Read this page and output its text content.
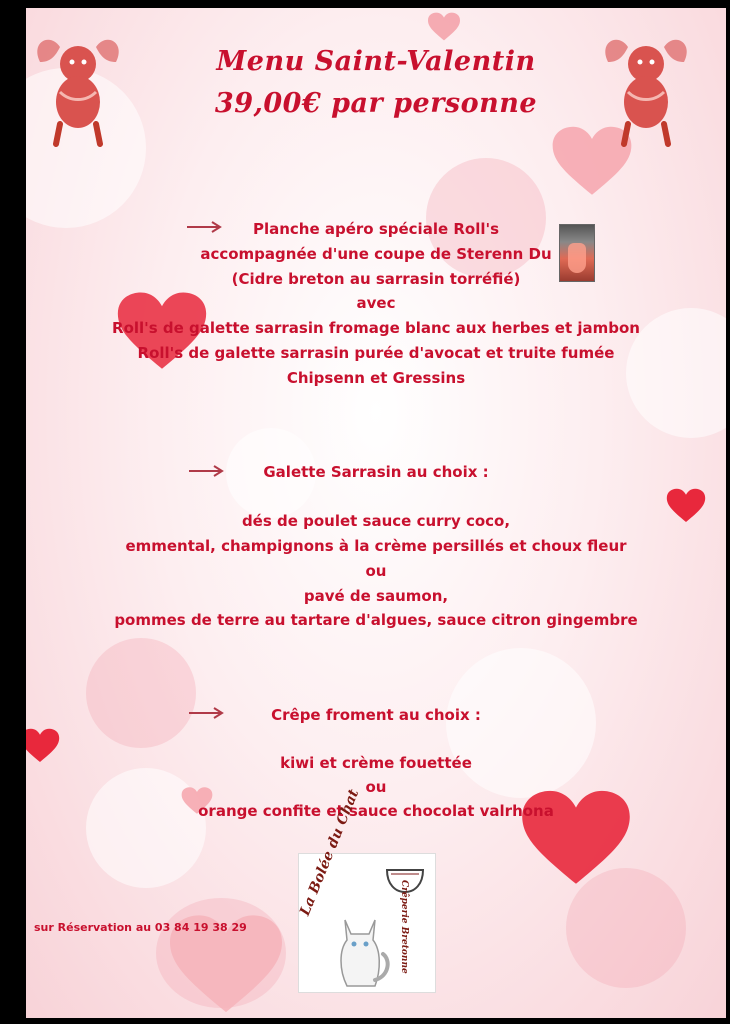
Menu Saint-Valentin
39,00€ par personne
Planche apéro spéciale Roll's
accompagnée d'une coupe de Sterenn Du
(Cidre breton au sarrasin torréfié)
avec
Roll's de galette sarrasin fromage blanc aux herbes et jambon
Roll's de galette sarrasin purée d'avocat et truite fumée
Chipsenn et Gressins
Galette Sarrasin au choix :
dés de poulet sauce curry coco,
emmental, champignons à la crème persillés et choux fleur
ou
pavé de saumon,
pommes de terre au tartare d'algues, sauce citron gingembre
Crêpe froment au choix :
kiwi et crème fouettée
ou
orange confite et sauce chocolat valrhona
sur Réservation au 03 84 19 38 29
La Bolée du Chat
Crêperie Bretonne
